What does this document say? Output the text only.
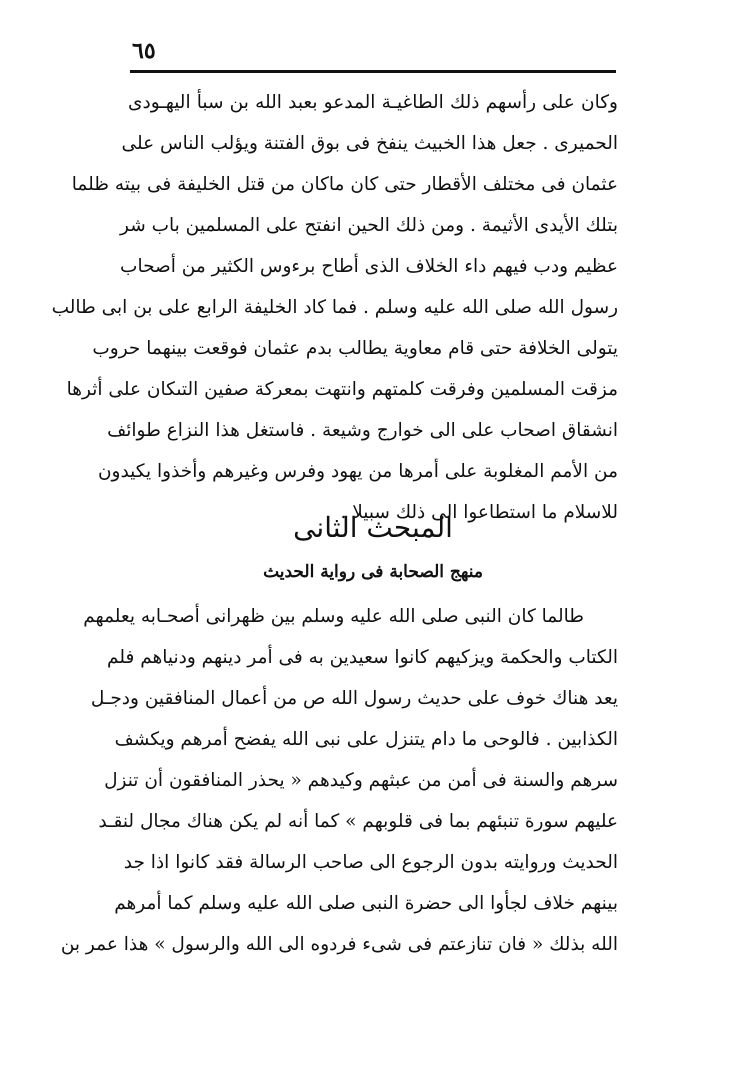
٦٥
وكان على رأسهم ذلك الطاغيـة المدعو بعبد الله بن سبأ اليهـودى
الحميرى . جعل هذا الخبيث ينفخ فى بوق الفتنة ويؤلب الناس على
عثمان فى مختلف الأقطار حتى كان ماكان من قتل الخليفة فى بيته ظلما
بتلك الأيدى الأثيمة . ومن ذلك الحين انفتح على المسلمين باب شر
عظيم ودب فيهم داء الخلاف الذى أطاح برءوس الكثير من أصحاب
رسول الله صلى الله عليه وسلم . فما كاد الخليفة الرابع على بن ابى طالب
يتولى الخلافة حتى قام معاوية يطالب بدم عثمان فوقعت بينهما حروب
مزقت المسلمين وفرقت كلمتهم وانتهت بمعركة صفين التىكان على أثرها
انشقاق اصحاب على الى خوارج وشيعة . فاستغل هذا النزاع طوائف
من الأمم المغلوبة على أمرها من يهود وفرس وغيرهم وأخذوا يكيدون
للاسلام ما استطاعوا الى ذلك سبيلا .
المبحث الثانى
منهج الصحابة فى رواية الحديث
طالما كان النبى صلى الله عليه وسلم بين ظهرانى أصحـابه يعلمهم
الكتاب والحكمة ويزكيهم كانوا سعيدين به فى أمر دينهم ودنياهم فلم
يعد هناك خوف على حديث رسول الله ص من أعمال المنافقين ودجـل
الكذابين . فالوحى ما دام يتنزل على نبى الله يفضح أمرهم ويكشف
سرهم والسنة فى أمن من عبثهم وكيدهم « يحذر المنافقون أن تنزل
عليهم سورة تنبئهم بما فى قلوبهم » كما أنه لم يكن هناك مجال لنقـد
الحديث وروايته بدون الرجوع الى صاحب الرسالة فقد كانوا اذا جد
بينهم خلاف لجأوا الى حضرة النبى صلى الله عليه وسلم كما أمرهم
الله بذلك « فان تنازعتم فى شىء فردوه الى الله والرسول » هذا عمر بن
